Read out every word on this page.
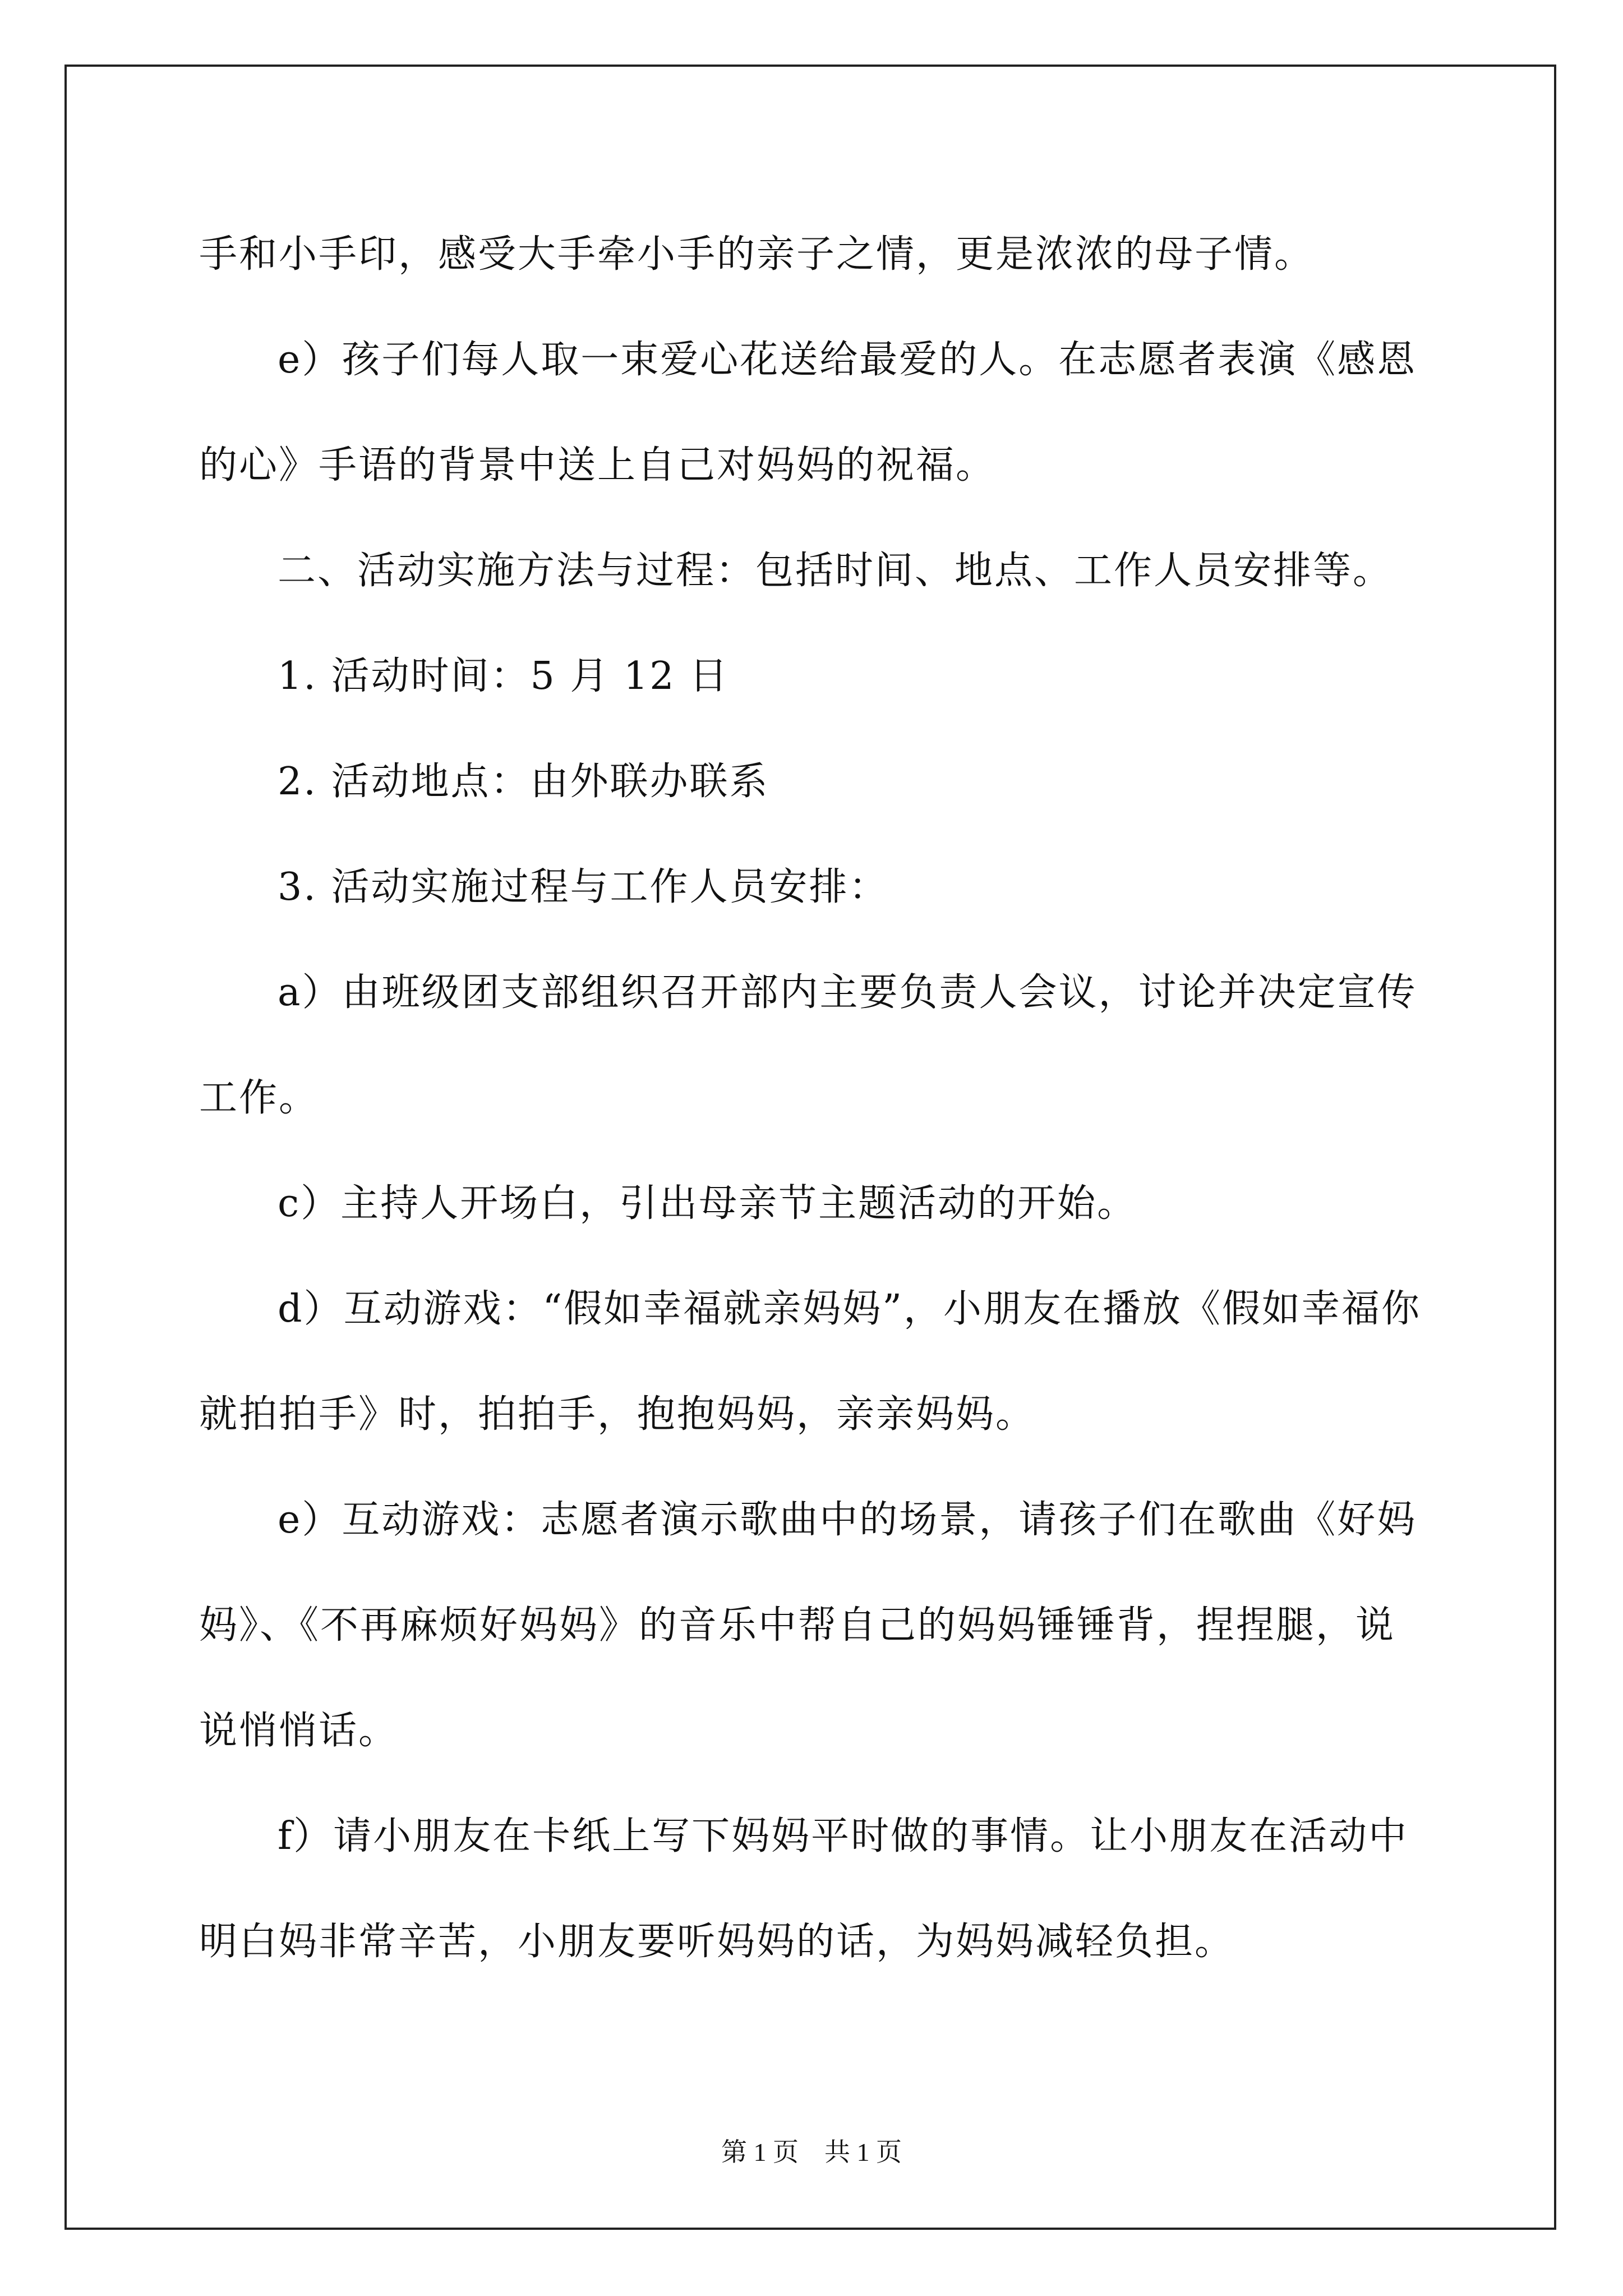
手和小手印，感受大手牵小手的亲子之情，更是浓浓的母子情。

e）孩子们每人取一束爱心花送给最爱的人。在志愿者表演《感恩的心》手语的背景中送上自己对妈妈的祝福。

二、活动实施方法与过程：包括时间、地点、工作人员安排等。

1. 活动时间：5 月 12 日

2. 活动地点：由外联办联系

3. 活动实施过程与工作人员安排：

a）由班级团支部组织召开部内主要负责人会议，讨论并决定宣传工作。

c）主持人开场白，引出母亲节主题活动的开始。

d）互动游戏：“假如幸福就亲妈妈”，小朋友在播放《假如幸福你就拍拍手》时，拍拍手，抱抱妈妈，亲亲妈妈。

e）互动游戏：志愿者演示歌曲中的场景，请孩子们在歌曲《好妈妈》、《不再麻烦好妈妈》的音乐中帮自己的妈妈锤锤背，捏捏腿，说说悄悄话。

f）请小朋友在卡纸上写下妈妈平时做的事情。让小朋友在活动中明白妈非常辛苦，小朋友要听妈妈的话，为妈妈减轻负担。

第 1 页　共 1 页
